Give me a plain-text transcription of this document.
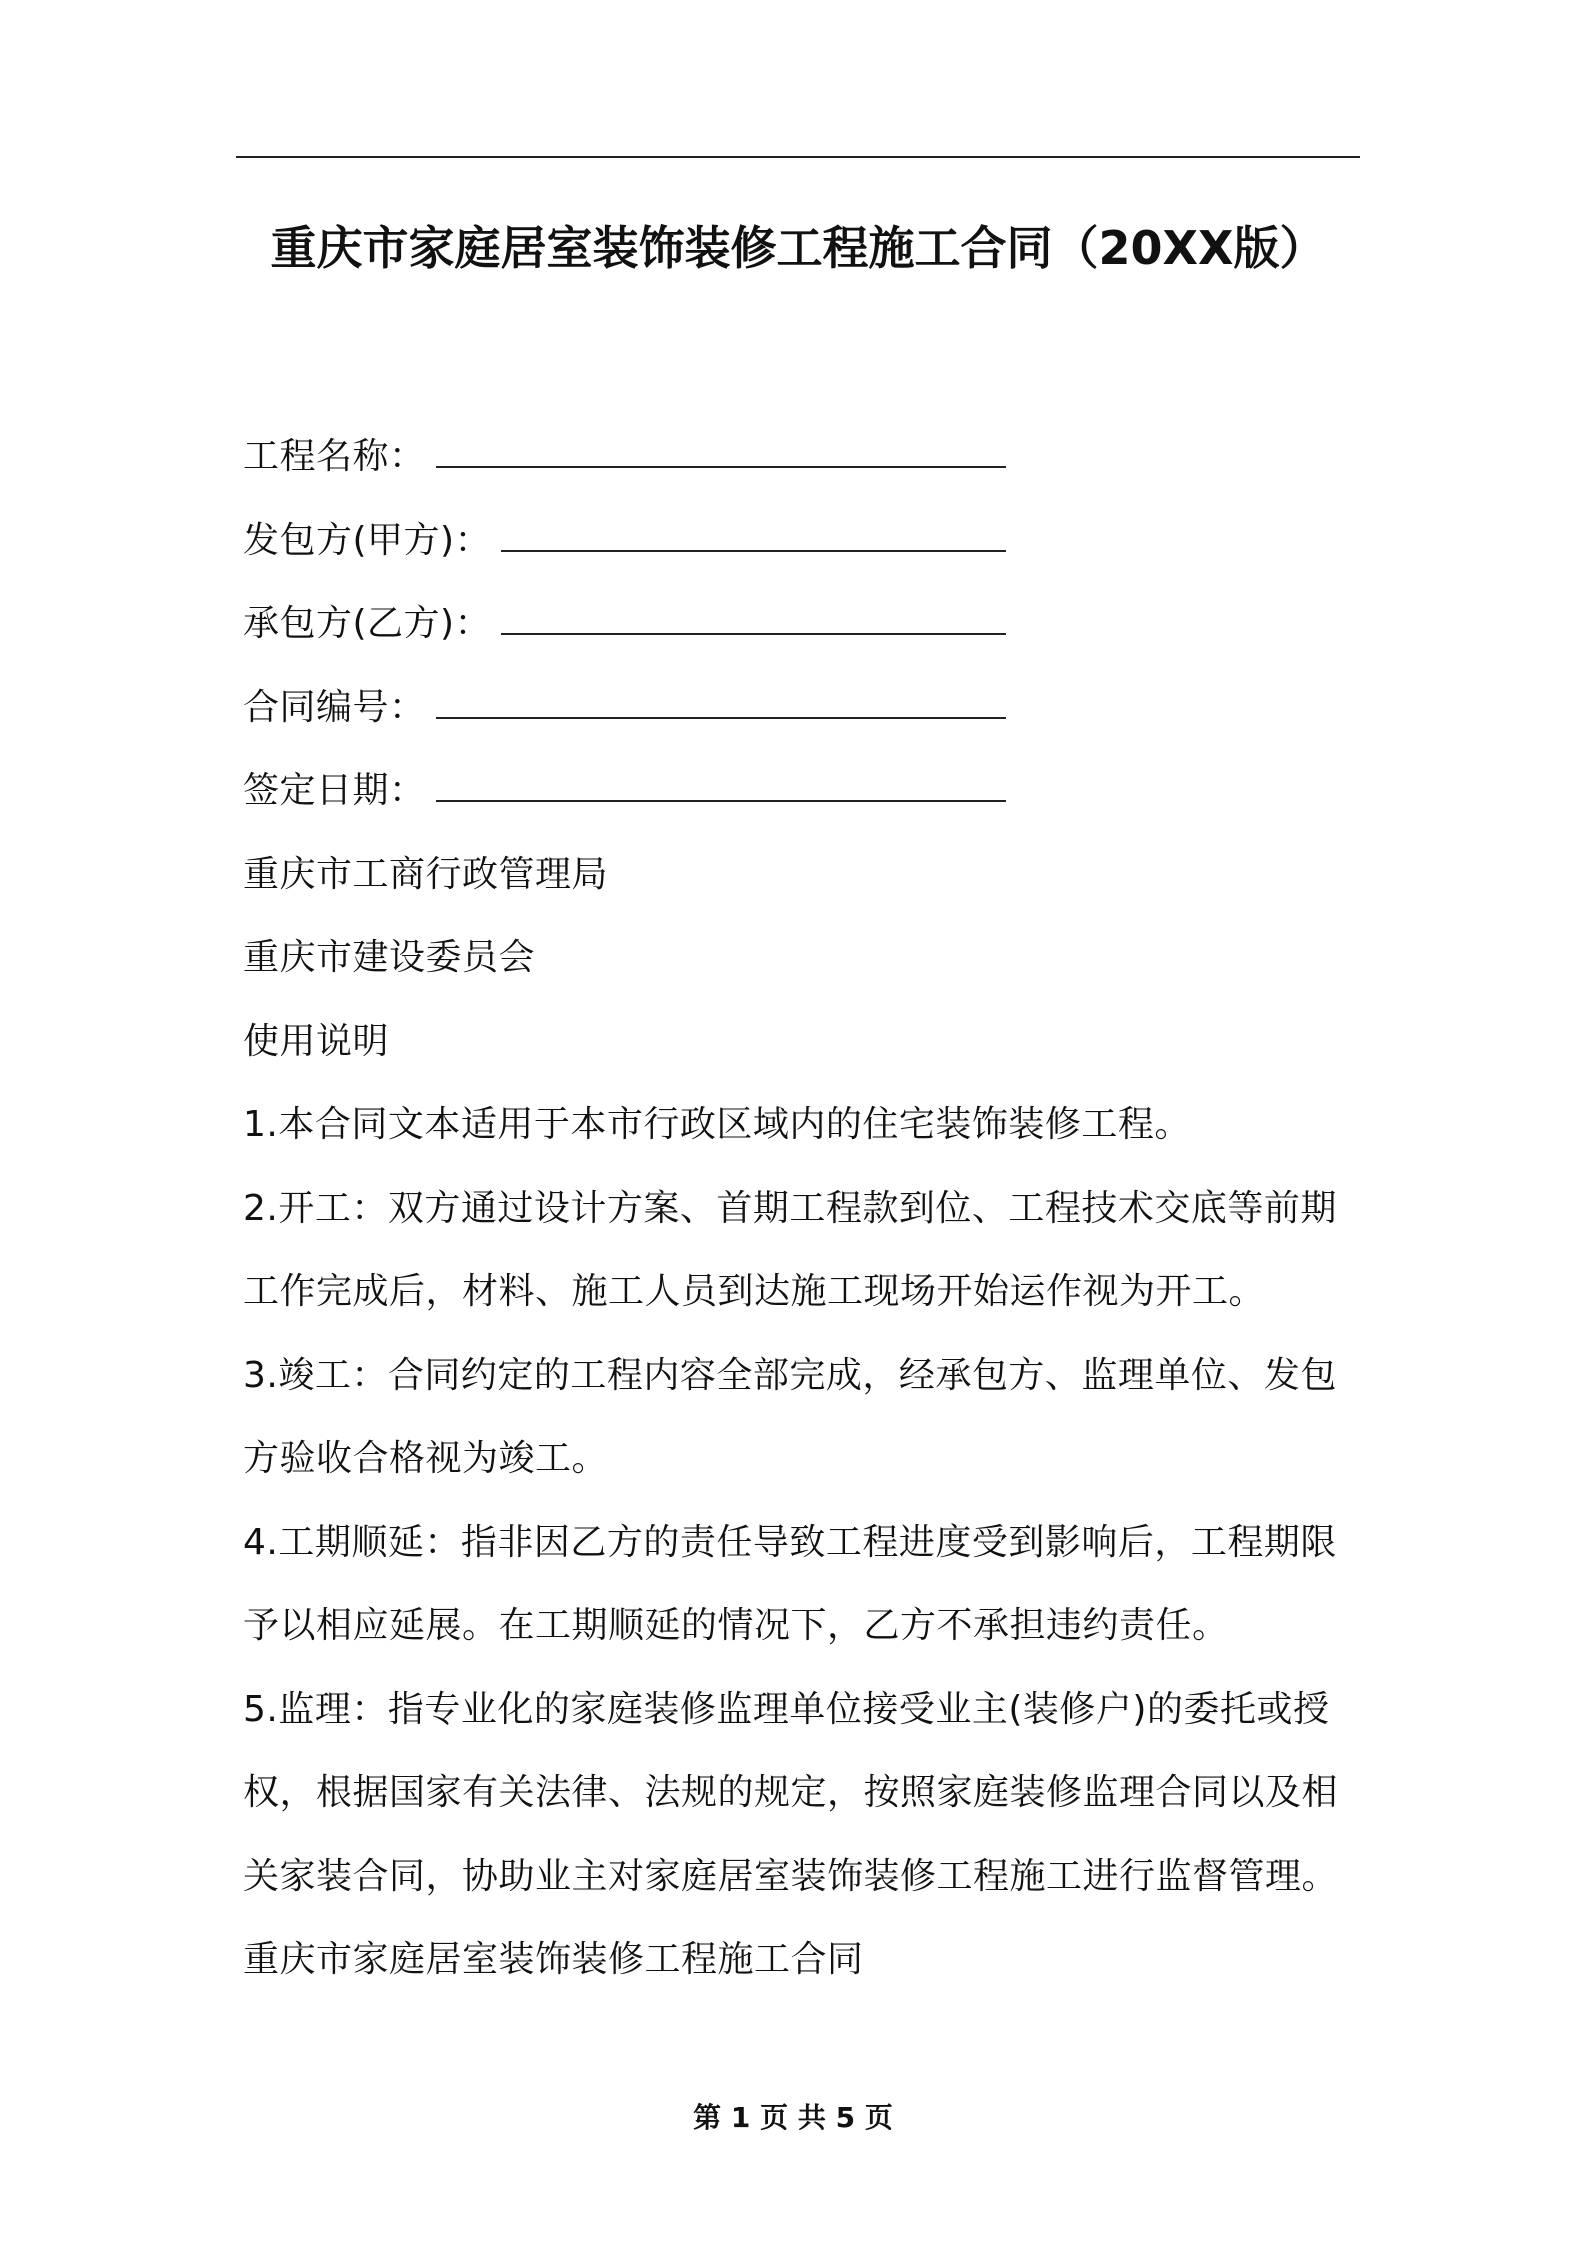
重庆市家庭居室装饰装修工程施工合同（20XX版）
工程名称：
发包方(甲方)：
承包方(乙方)：
合同编号：
签定日期：
重庆市工商行政管理局
重庆市建设委员会
使用说明
1.本合同文本适用于本市行政区域内的住宅装饰装修工程。
2.开工：双方通过设计方案、首期工程款到位、工程技术交底等前期
工作完成后，材料、施工人员到达施工现场开始运作视为开工。
3.竣工：合同约定的工程内容全部完成，经承包方、监理单位、发包
方验收合格视为竣工。
4.工期顺延：指非因乙方的责任导致工程进度受到影响后，工程期限
予以相应延展。在工期顺延的情况下，乙方不承担违约责任。
5.监理：指专业化的家庭装修监理单位接受业主(装修户)的委托或授
权，根据国家有关法律、法规的规定，按照家庭装修监理合同以及相
关家装合同，协助业主对家庭居室装饰装修工程施工进行监督管理。
重庆市家庭居室装饰装修工程施工合同
第 1 页 共 5 页
